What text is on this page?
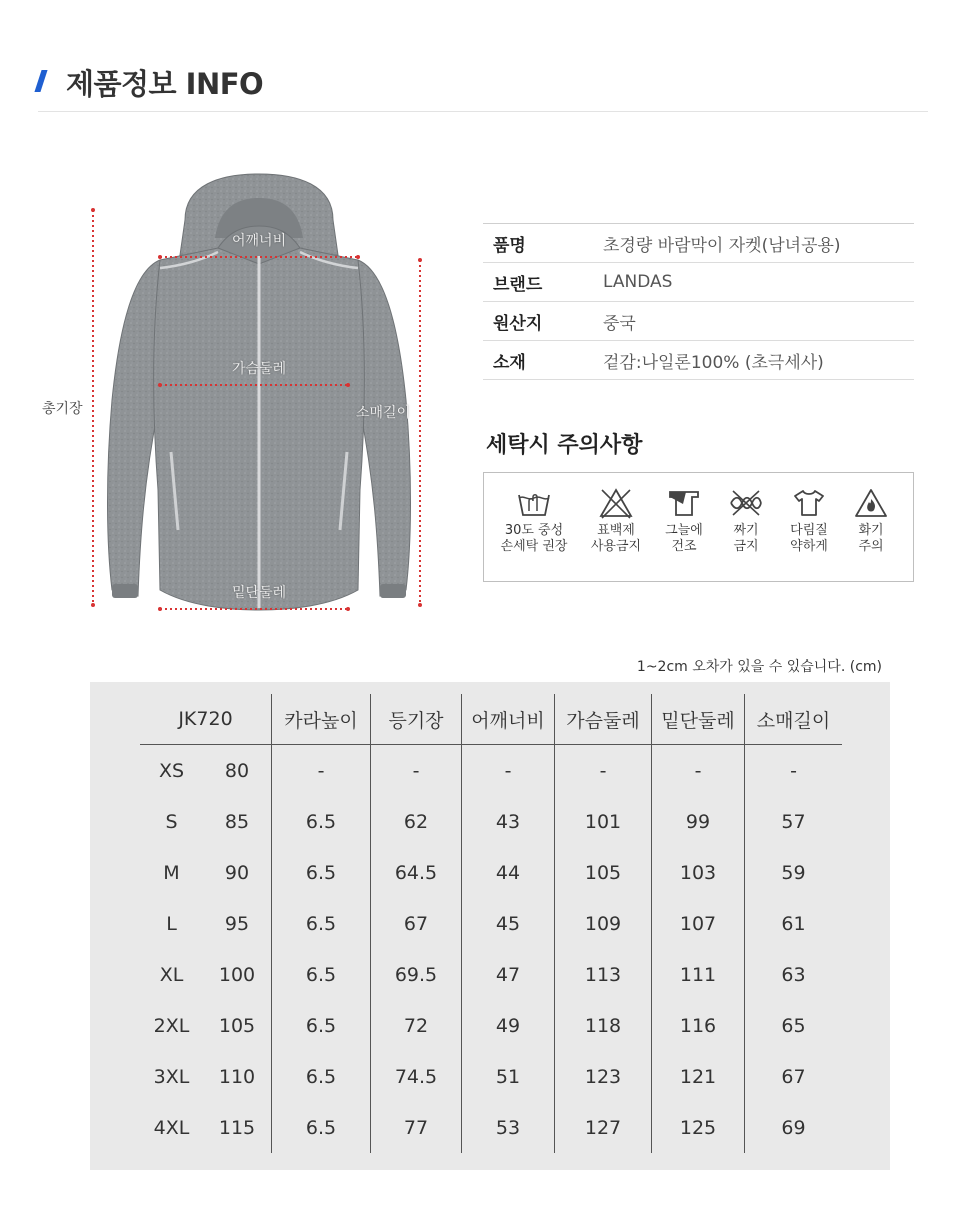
제품정보 INFO
어깨너비
가슴둘레
총기장	소매길이
밑단둘레
품명	초경량 바람막이 자켓(남녀공용)
브랜드	LANDAS
원산지	중국
소재	겉감:나일론100% (초극세사)
세탁시 주의사항
30도 중성
손세탁 권장
표백제
사용금지
그늘에
건조
짜기
금지
다림질
약하게
화기
주의
1~2cm 오차가 있을 수 있습니다. (cm)
JK720		카라높이	등기장	어깨너비	가슴둘레	밑단둘레	소매길이
XS	80	-	-	-	-	-	-
S	85	6.5	62	43	101	99	57
M	90	6.5	64.5	44	105	103	59
L	95	6.5	67	45	109	107	61
XL	100	6.5	69.5	47	113	111	63
2XL	105	6.5	72	49	118	116	65
3XL	110	6.5	74.5	51	123	121	67
4XL	115	6.5	77	53	127	125	69
